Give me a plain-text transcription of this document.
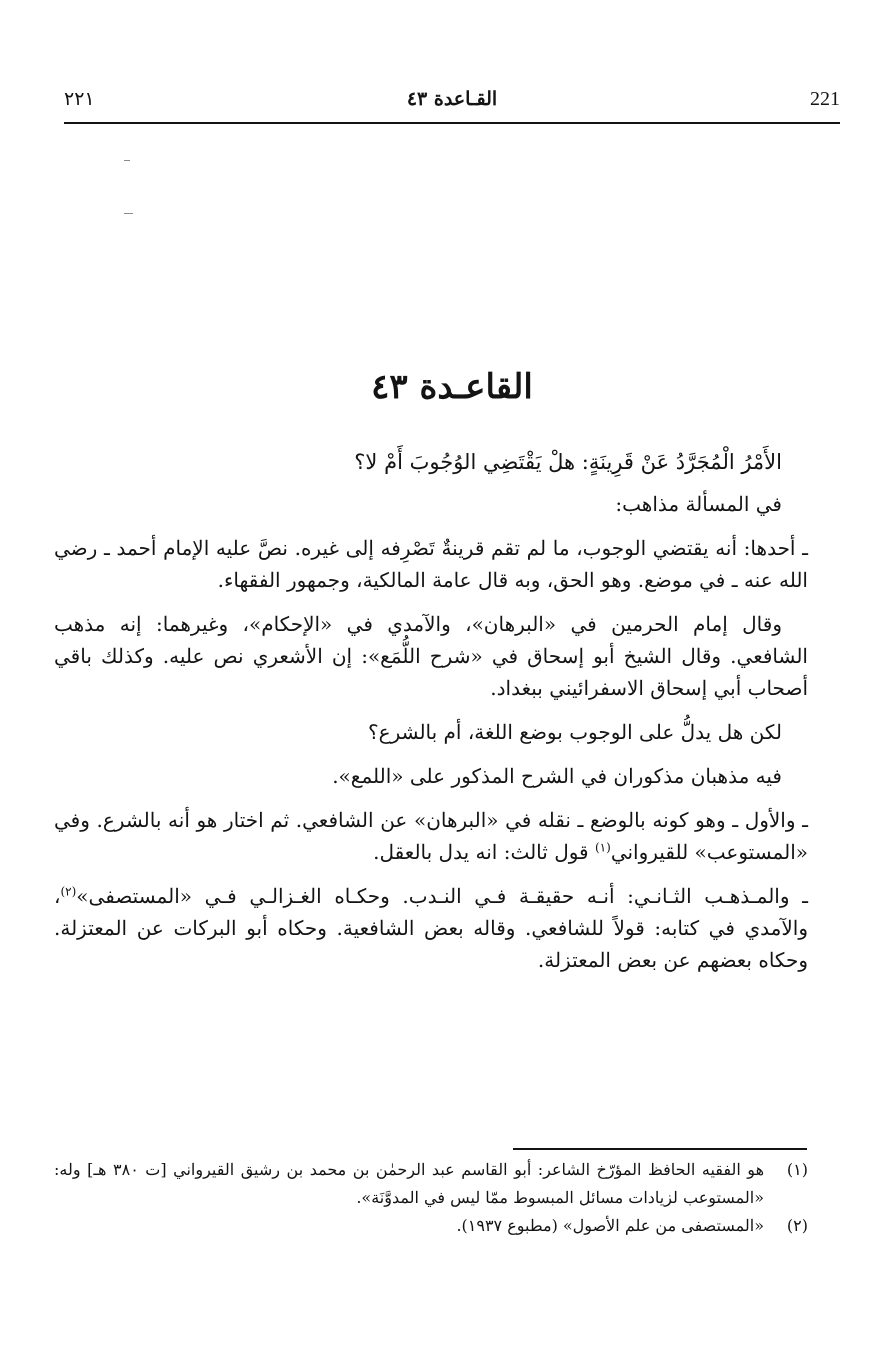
٢٢١	القـاعدة ٤٣	221
القاعـدة ٤٣

الأَمْرُ الْمُجَرَّدُ عَنْ قَرِينَةٍ: هلْ يَقْتَضِي الوُجُوبَ أَمْ لا؟

في المسألة مذاهب:

ـ أحدها: أنه يقتضي الوجوب، ما لم تقم قرينةٌ تَصْرِفه إلى غيره. نصَّ عليه الإمام أحمد ـ رضي الله عنه ـ في موضع. وهو الحق، وبه قال عامة المالكية، وجمهور الفقهاء.

وقال إمام الحرمين في «البرهان»، والآمدي في «الإحكام»، وغيرهما: إنه مذهب الشافعي. وقال الشيخ أبو إسحاق في «شرح اللُّمَع»: إن الأشعري نص عليه. وكذلك باقي أصحاب أبي إسحاق الاسفرائيني ببغداد.

لكن هل يدلُّ على الوجوب بوضع اللغة، أم بالشرع؟

فيه مذهبان مذكوران في الشرح المذكور على «اللمع».

ـ والأول ـ وهو كونه بالوضع ـ نقله في «البرهان» عن الشافعي. ثم اختار هو أنه بالشرع. وفي «المستوعب» للقيرواني$^{(١)}$ قول ثالث: انه يدل بالعقل.

ـ والمـذهـب الثـانـي: أنـه حقيقـة فـي النـدب. وحكـاه الغـزالـي فـي «المستصفى»$^{(٢)}$، والآمدي في كتابه: قولاً للشافعي. وقاله بعض الشافعية. وحكاه أبو البركات عن المعتزلة. وحكاه بعضهم عن بعض المعتزلة.

(١)
هو الفقيه الحافظ المؤرّخ الشاعر: أبو القاسم عبد الرحمٰن بن محمد بن رشيق القيرواني [ت ٣٨٠ هـ] وله: «المستوعب لزيادات مسائل المبسوط ممّا ليس في المدوَّنَة».
(٢)
«المستصفى من علم الأصول» (مطبوع ١٩٣٧).
